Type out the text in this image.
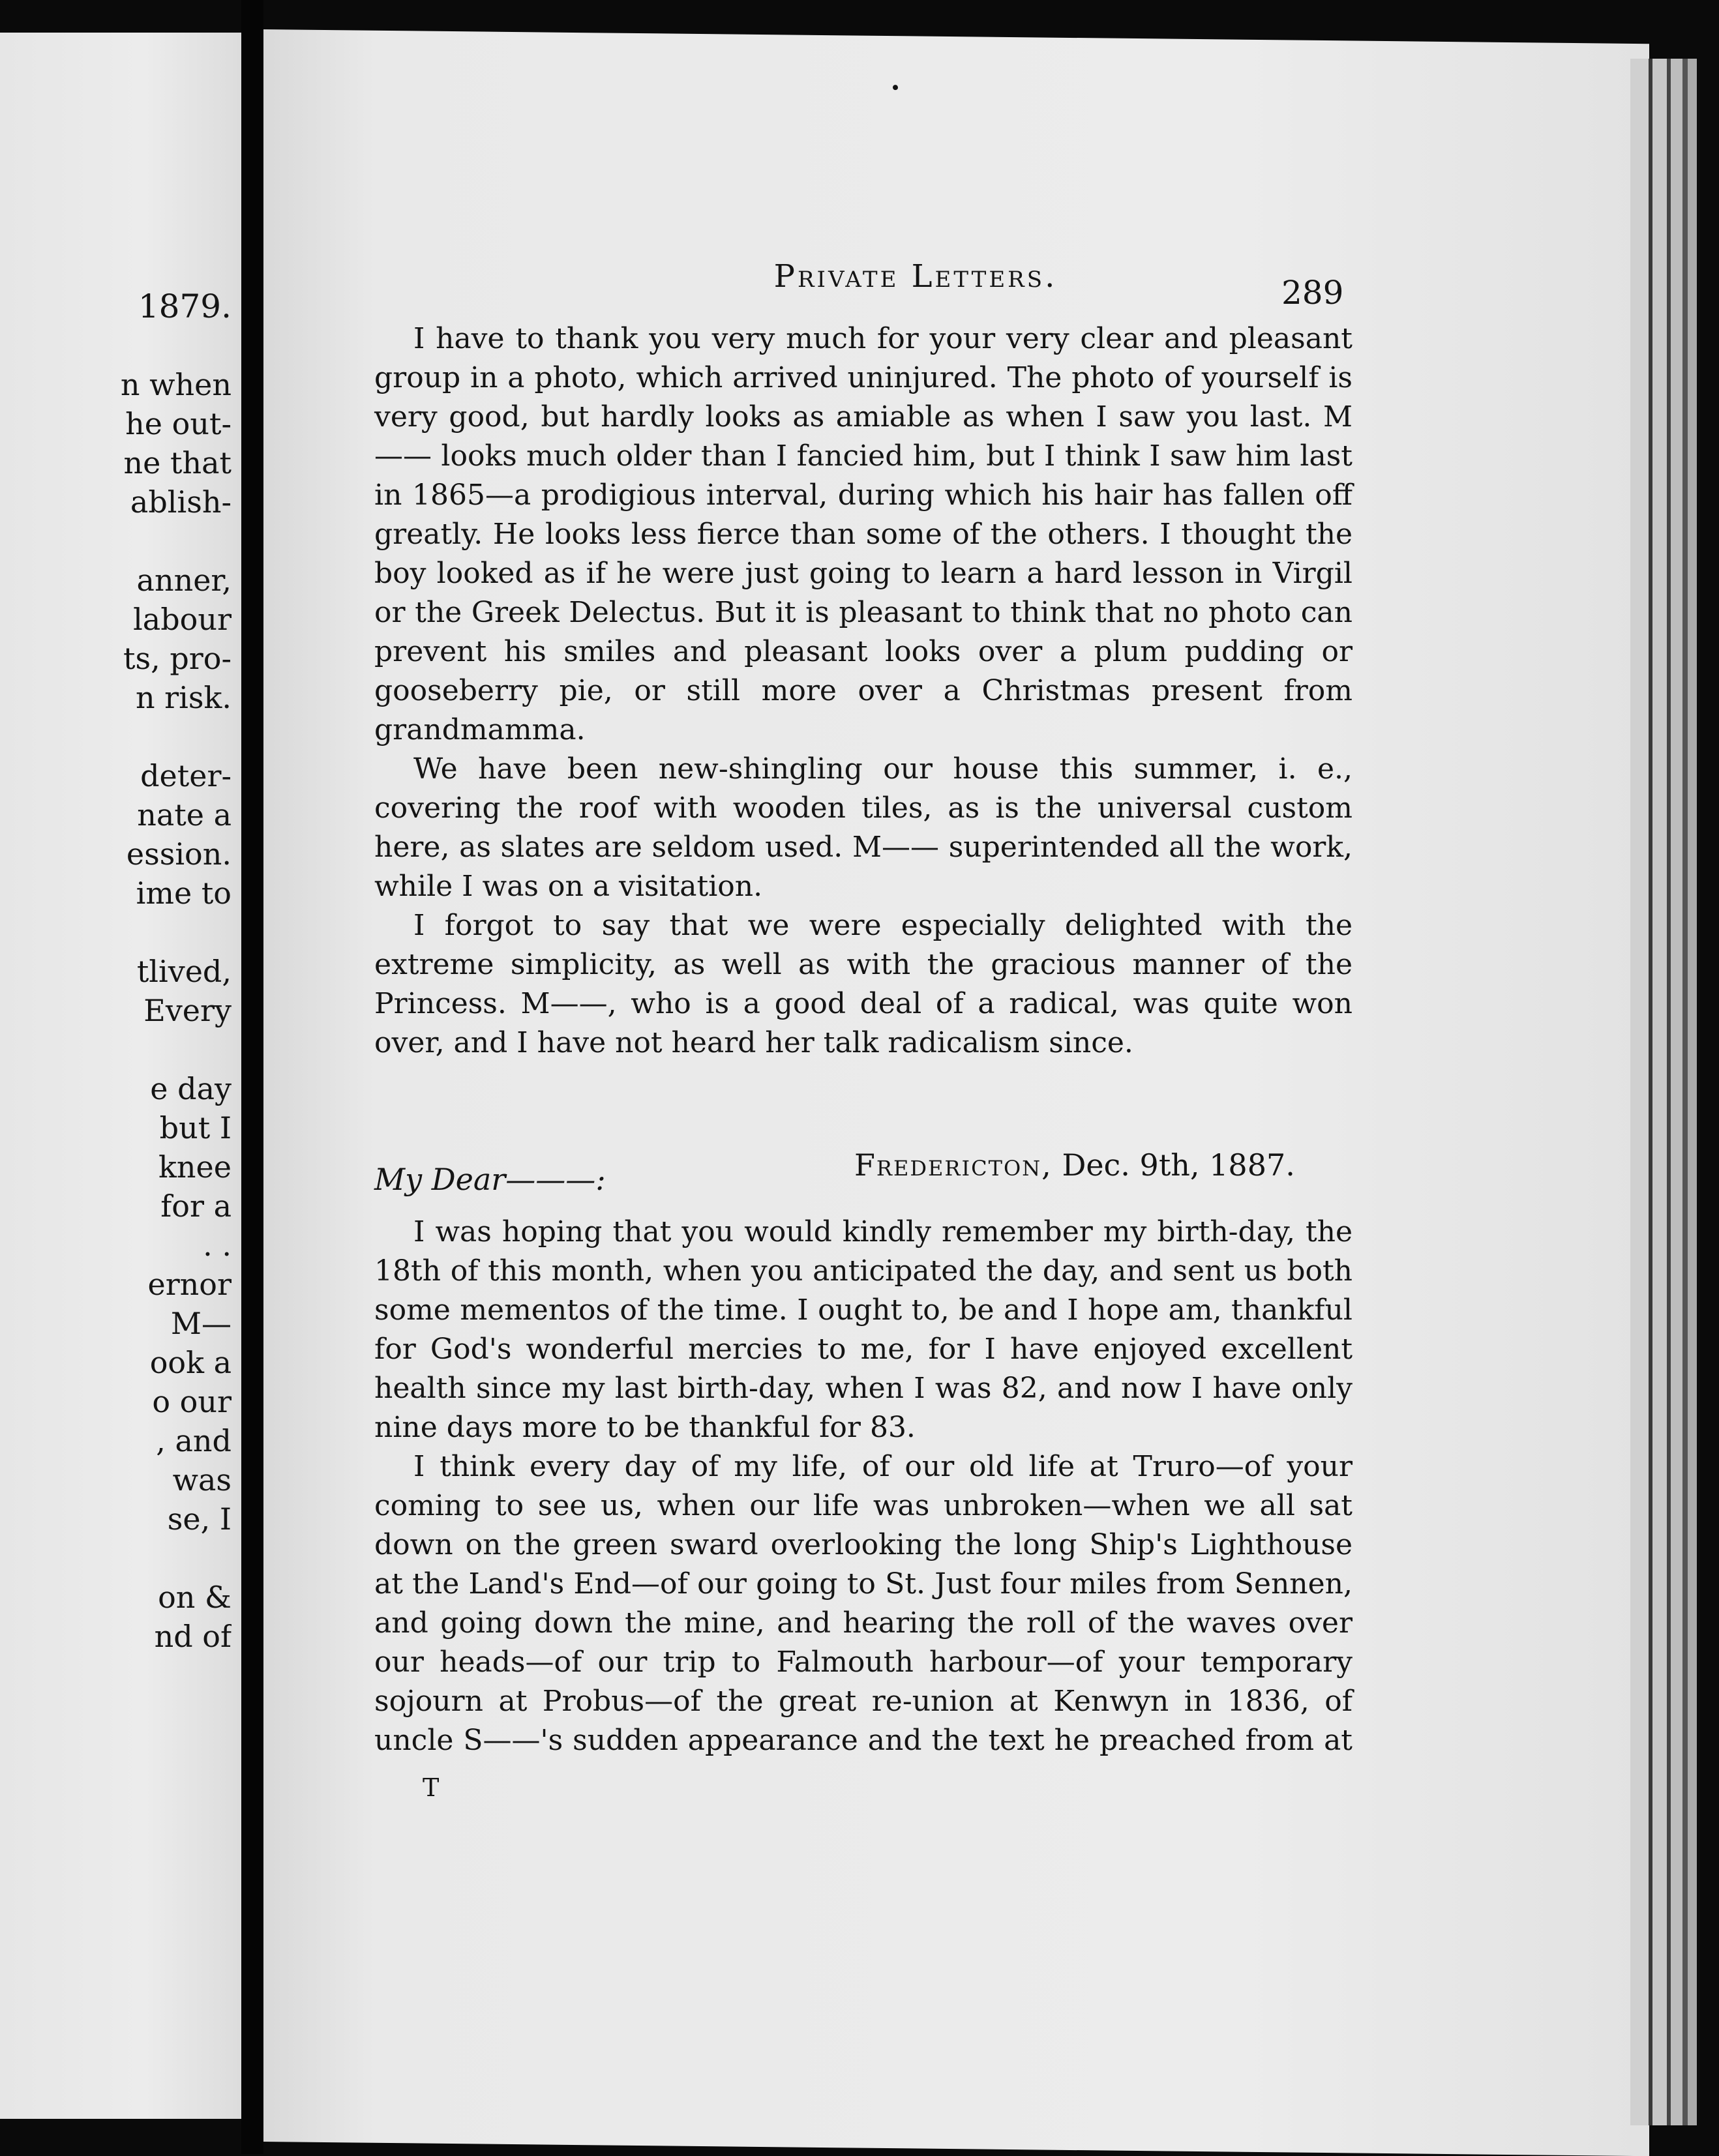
1879.
n when
he out-
ne that
ablish-
anner,
labour
ts, pro-
n risk.
deter-
nate a
ession.
ime to
tlived,
Every
e day
but I
knee
for a
. .
ernor
M—
ook a
o our
, and
was
se, I
on &
nd of
Private Letters.	289

I have to thank you very much for your very clear and pleasant group in a photo, which arrived uninjured. The photo of yourself is very good, but hardly looks as amiable as when I saw you last. M—— looks much older than I fancied him, but I think I saw him last in 1865—a prodigious interval, during which his hair has fallen off greatly. He looks less fierce than some of the others. I thought the boy looked as if he were just going to learn a hard lesson in Virgil or the Greek Delectus. But it is pleasant to think that no photo can prevent his smiles and pleasant looks over a plum pudding or gooseberry pie, or still more over a Christmas present from grandmamma.

We have been new-shingling our house this summer, i. e., covering the roof with wooden tiles, as is the universal custom here, as slates are seldom used. M—— superintended all the work, while I was on a visitation.

I forgot to say that we were especially delighted with the extreme simplicity, as well as with the gracious manner of the Princess. M——, who is a good deal of a radical, was quite won over, and I have not heard her talk radicalism since.

My Dear———:	Fredericton, Dec. 9th, 1887.

I was hoping that you would kindly remember my birth-day, the 18th of this month, when you anticipated the day, and sent us both some mementos of the time. I ought to, be and I hope am, thankful for God's wonderful mercies to me, for I have enjoyed excellent health since my last birth-day, when I was 82, and now I have only nine days more to be thankful for 83.

I think every day of my life, of our old life at Truro—of your coming to see us, when our life was unbroken—when we all sat down on the green sward overlooking the long Ship's Lighthouse at the Land's End—of our going to St. Just four miles from Sennen, and going down the mine, and hearing the roll of the waves over our heads—of our trip to Falmouth harbour—of your temporary sojourn at Probus—of the great re-union at Kenwyn in 1836, of uncle S——'s sudden appearance and the text he preached from at

T
